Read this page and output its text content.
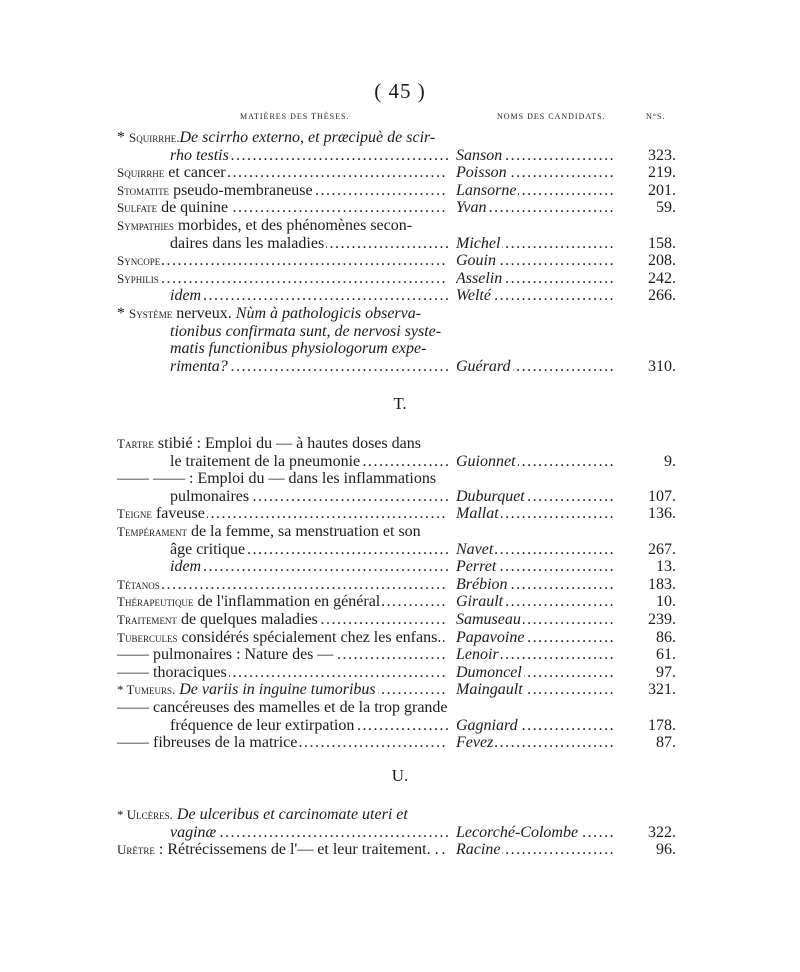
( 45 )
MATIÈRES DES THÈSES.	NOMS DES CANDIDATS.	N°S.
* Squirrhe.De scirrho externo, et præcipuè de scir-
rho testis .....	Sanson .....	323.
Squirrhe et cancer .....	Poisson .....	219.
Stomatite pseudo-membraneuse .....	Lansorne .....	201.
Sulfate de quinine .....	Yvan .....	59.
Sympathies morbides, et des phénomènes secon-
daires dans les maladies .....	Michel .....	158.
Syncope .....	Gouin .....	208.
Syphilis .....	Asselin .....	242.
idem .....	Welté .....	266.
* Système nerveux. Nùm à pathologicis observa-
tionibus confirmata sunt, de nervosi syste-
matis functionibus physiologorum expe-
rimenta? .....	Guérard .....	310.
T.
Tartre stibié : Emploi du — à hautes doses dans
le traitement de la pneumonie .....	Guionnet .....	9.
—— —— : Emploi du — dans les inflammations
pulmonaires .....	Duburquet .....	107.
Teigne faveuse .....	Mallat .....	136.
Tempérament de la femme, sa menstruation et son
âge critique .....	Navet .....	267.
idem .....	Perret .....	13.
Tétanos .....	Brébion .....	183.
Thérapeutique de l'inflammation en général .....	Girault .....	10.
Traitement de quelques maladies .....	Samuseau .....	239.
Tubercules considérés spécialement chez les enfans. ..... Papavoine .....	86.
—— pulmonaires : Nature des — .....	Lenoir .....	61.
—— thoraciques .....	Dumoncel .....	97.
* Tumeurs. De variis in inguine tumoribus .....	Maingault .....	321.
—— cancéreuses des mamelles et de la trop grande
fréquence de leur extirpation .....	Gagniard .....	178.
—— fibreuses de la matrice .....	Fevez .....	87.
U.
* Ulcères. De ulceribus et carcinomate uteri et
vaginæ .....	Lecorché-Colombe .....	322.
Urètre : Rétrécissemens de l'— et leur traitement. . .....	Racine .....	96.
